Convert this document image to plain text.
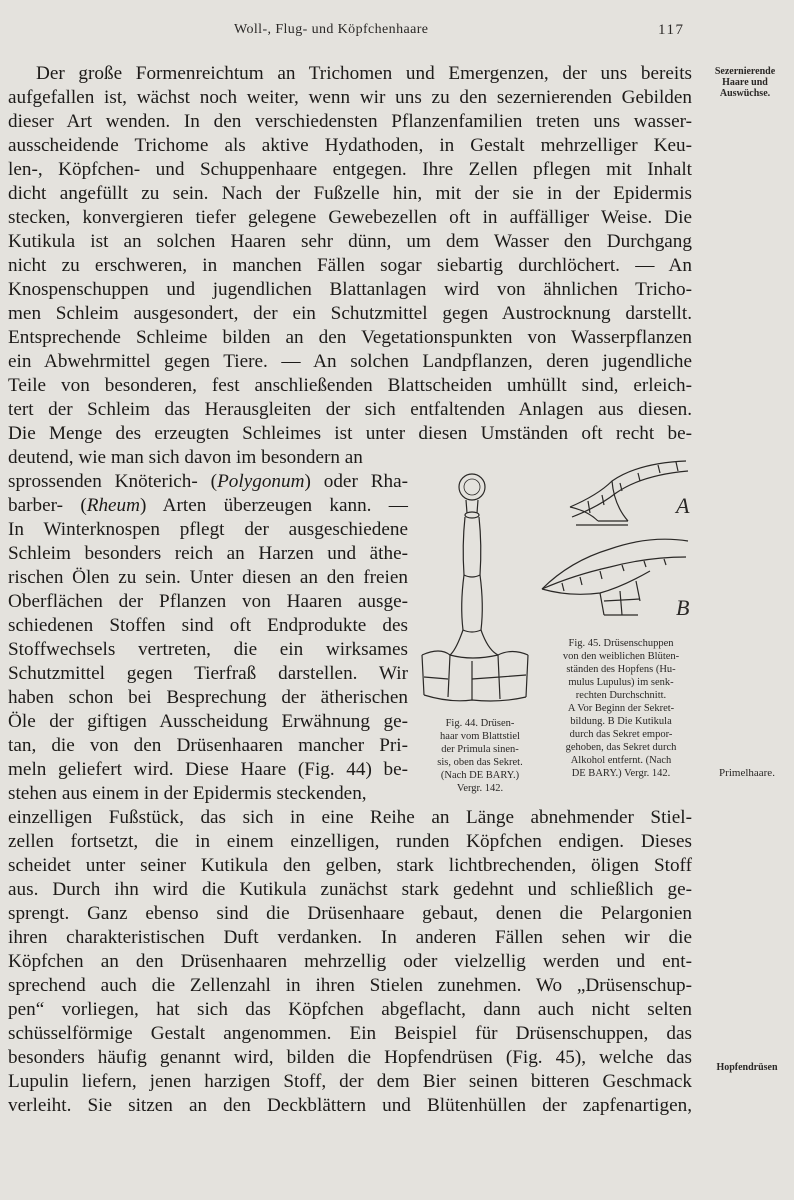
Woll-, Flug- und Köpfchenhaare	117
Sezernierende
Haare und
Auswüchse.
Primelhaare.
Hopfendrüsen
Der große Formenreichtum an Trichomen und Emergenzen, der uns bereits
aufgefallen ist, wächst noch weiter, wenn wir uns zu den sezernierenden Gebilden
dieser Art wenden. In den verschiedensten Pflanzenfamilien treten uns wasser-
ausscheidende Trichome als aktive Hydathoden, in Gestalt mehrzelliger Keu-
len-, Köpfchen- und Schuppenhaare entgegen. Ihre Zellen pflegen mit Inhalt
dicht angefüllt zu sein. Nach der Fußzelle hin, mit der sie in der Epidermis
stecken, konvergieren tiefer gelegene Gewebezellen oft in auffälliger Weise. Die
Kutikula ist an solchen Haaren sehr dünn, um dem Wasser den Durchgang
nicht zu erschweren, in manchen Fällen sogar siebartig durchlöchert. — An
Knospenschuppen und jugendlichen Blattanlagen wird von ähnlichen Tricho-
men Schleim ausgesondert, der ein Schutzmittel gegen Austrocknung darstellt.
Entsprechende Schleime bilden an den Vegetationspunkten von Wasserpflanzen
ein Abwehrmittel gegen Tiere. — An solchen Landpflanzen, deren jugendliche
Teile von besonderen, fest anschließenden Blattscheiden umhüllt sind, erleich-
tert der Schleim das Herausgleiten der sich entfaltenden Anlagen aus diesen.
Die Menge des erzeugten Schleimes ist unter diesen Umständen oft recht be-
deutend, wie man sich davon im besondern an
sprossenden Knöterich- (Polygonum) oder Rha-
barber- (Rheum) Arten überzeugen kann. —
In Winterknospen pflegt der ausgeschiedene
Schleim besonders reich an Harzen und äthe-
rischen Ölen zu sein. Unter diesen an den freien
Oberflächen der Pflanzen von Haaren ausge-
schiedenen Stoffen sind oft Endprodukte des
Stoffwechsels vertreten, die ein wirksames
Schutzmittel gegen Tierfraß darstellen. Wir
haben schon bei Besprechung der ätherischen
Öle der giftigen Ausscheidung Erwähnung ge-
tan, die von den Drüsenhaaren mancher Pri-
meln geliefert wird. Diese Haare (Fig. 44) be-
stehen aus einem in der Epidermis steckenden,
einzelligen Fußstück, das sich in eine Reihe an Länge abnehmender Stiel-
zellen fortsetzt, die in einem einzelligen, runden Köpfchen endigen. Dieses
scheidet unter seiner Kutikula den gelben, stark lichtbrechenden, öligen Stoff
aus. Durch ihn wird die Kutikula zunächst stark gedehnt und schließlich ge-
sprengt. Ganz ebenso sind die Drüsenhaare gebaut, denen die Pelargonien
ihren charakteristischen Duft verdanken. In anderen Fällen sehen wir die
Köpfchen an den Drüsenhaaren mehrzellig oder vielzellig werden und ent-
sprechend auch die Zellenzahl in ihren Stielen zunehmen. Wo „Drüsenschup-
pen“ vorliegen, hat sich das Köpfchen abgeflacht, dann auch nicht selten
schüsselförmige Gestalt angenommen. Ein Beispiel für Drüsenschuppen, das
besonders häufig genannt wird, bilden die Hopfendrüsen (Fig. 45), welche das
Lupulin liefern, jenen harzigen Stoff, der dem Bier seinen bitteren Geschmack
verleiht. Sie sitzen an den Deckblättern und Blütenhüllen der zapfenartigen,
A
B
Fig. 44. Drüsen-
haar vom Blattstiel
der Primula sinen-
sis, oben das Sekret.
(Nach DE BARY.)
Vergr. 142.
Fig. 45. Drüsenschuppen
von den weiblichen Blüten-
ständen des Hopfens (Hu-
mulus Lupulus) im senk-
rechten Durchschnitt.
A Vor Beginn der Sekret-
bildung. B Die Kutikula
durch das Sekret empor-
gehoben, das Sekret durch
Alkohol entfernt. (Nach
DE BARY.) Vergr. 142.
